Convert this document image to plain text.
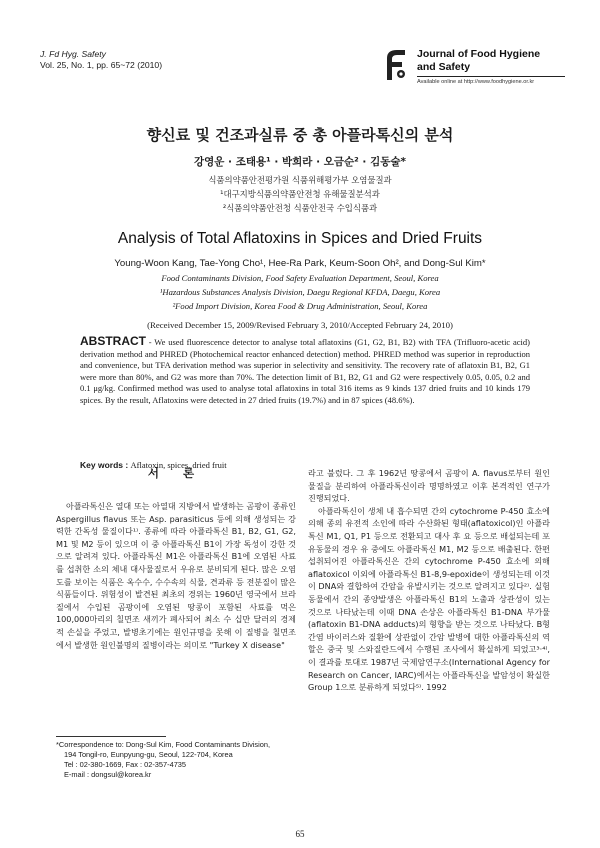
J. Fd Hyg. Safety
Vol. 25, No. 1, pp. 65~72 (2010)
Journal of Food Hygiene
and Safety
Available online at http://www.foodhygiene.or.kr
향신료 및 건조과실류 중 총 아플라톡신의 분석
강영운 · 조태용¹ · 박희라 · 오금순² · 김동술*
식품의약품안전평가원 식품위해평가부 오염물질과
¹대구지방식품의약품안전청 유해물질분석과
²식품의약품안전청 식품안전국 수입식품과
Analysis of Total Aflatoxins in Spices and Dried Fruits
Young-Woon Kang, Tae-Yong Cho¹, Hee-Ra Park, Keum-Soon Oh², and Dong-Sul Kim*
Food Contaminants Division, Food Safety Evaluation Department, Seoul, Korea
¹Hazardous Substances Analysis Division, Daegu Regional KFDA, Daegu, Korea
²Food Import Division, Korea Food & Drug Administration, Seoul, Korea
(Received December 15, 2009/Revised February 3, 2010/Accepted February 24, 2010)
ABSTRACT - We used fluorescence detector to analyse total aflatoxins (G1, G2, B1, B2) with TFA (Trifluoro-acetic acid) derivation method and PHRED (Photochemical reactor enhanced detection) method. PHRED method was superior in reproduction and convenience, but TFA derivation method was superior in selectivity and sensitivity. The recovery rate of aflatoxin B1, B2, G1 were more than 80%, and G2 was more than 70%. The detection limit of B1, B2, G1 and G2 were respectively 0.05, 0.05, 0.2 and 0.1 μg/kg. Confirmed method was used to analyse total aflatoxins in total 316 items as 9 kinds 137 dried fruits and 10 kinds 179 spices. By the result, Aflatoxins were detected in 27 dried fruits (19.7%) and in 87 spices (48.6%).
Key words : Aflatoxin, spices, dried fruit
서 론

아플라톡신은 열대 또는 아열대 지방에서 발생하는 곰팡이 종류인 Aspergillus flavus 또는 Asp. parasiticus 등에 의해 생성되는 강력한 간독성 물질이다¹⁾. 종류에 따라 아플라톡신 B1, B2, G1, G2, M1 및 M2 등이 있으며 이 중 아플라톡신 B1이 가장 독성이 강한 것으로 알려져 있다. 아플라톡신 M1은 아플라톡신 B1에 오염된 사료를 섭취한 소의 체내 대사물질로서 우유로 분비되게 된다. 많은 오염도를 보이는 식품은 옥수수, 수수속의 식물, 견과류 등 전분질이 많은 식품들이다. 위험성이 발견된 최초의 경위는 1960년 영국에서 브라질에서 수입된 곰팡이에 오염된 땅콩이 포함된 사료를 먹은 100,000마리의 칠면조 새끼가 폐사되어 최소 수 십만 달러의 경제적 손실을 주었고, 발병초기에는 원인규명을 못해 이 질병을 칠면조에서 발생한 원인불명의 질병이라는 의미로 "Turkey X disease"

라고 불렀다. 그 후 1962년 땅콩에서 곰팡이 A. flavus로부터 원인물질을 분리하여 아플라톡신이라 명명하였고 이후 본격적인 연구가 진행되었다.

아플라톡신이 생체 내 흡수되면 간의 cytochrome P-450 효소에 의해 종의 유전적 소인에 따라 수산화된 형태(aflatoxicol)인 아플라톡신 M1, Q1, P1 등으로 전환되고 대사 후 요 등으로 배설되는데 포유동물의 경우 유 중에도 아플라톡신 M1, M2 등으로 배출된다. 한편 섭취되어진 아플라톡신은 간의 cytochrome P-450 효소에 의해 aflatoxicol 이외에 아플라톡신 B1-8,9-epoxide이 생성되는데 이것이 DNA와 결합하여 간암을 유발시키는 것으로 알려지고 있다²⁾. 실험동물에서 간의 종양발생은 아플라톡신 B1의 노출과 상관성이 있는 것으로 나타났는데 이때 DNA 손상은 아플라톡신 B1-DNA 부가물(aflatoxin B1-DNA adducts)의 형향을 받는 것으로 나타났다. B형 간염 바이러스와 질환에 상관없이 간암 발병에 대한 아플라톡신의 역할은 중국 및 스와질란드에서 수행된 조사에서 확실하게 되었고³·⁴⁾, 이 결과를 토대로 1987년 국제암연구소(International Agency for Research on Cancer, IARC)에서는 아플라톡신을 발암성이 확실한 Group 1으로 분류하게 되었다⁵⁾. 1992

*Correspondence to: Dong-Sul Kim, Food Contaminants Division,
194 Tongil-ro, Eunpyung-gu, Seoul, 122-704, Korea
Tel : 02-380-1669, Fax : 02-357-4735
E-mail : dongsul@korea.kr
65
